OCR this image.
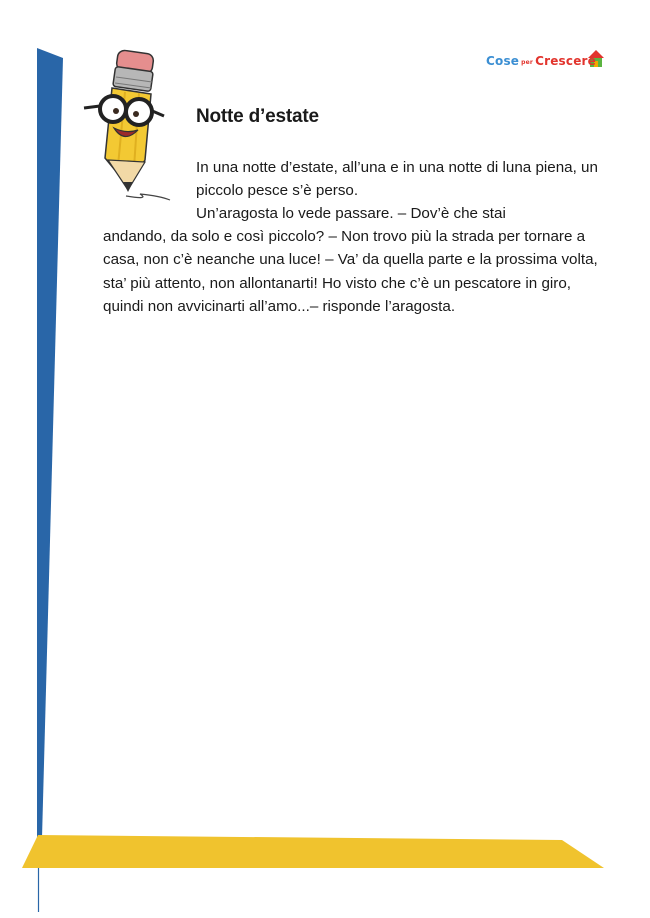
Cose per Crescere
Notte d’estate

In una notte d’estate, all’una e in una notte di luna piena, un piccolo pesce s’è perso.

Un’aragosta lo vede passare. – Dov’è che stai

andando, da solo e così piccolo? – Non trovo più la strada per tornare a casa, non c’è neanche una luce! – Va’ da quella parte e la prossima volta, sta’ più attento, non allontanarti! Ho visto che c’è un pescatore in giro, quindi non avvicinarti all’amo...– risponde l’aragosta.
